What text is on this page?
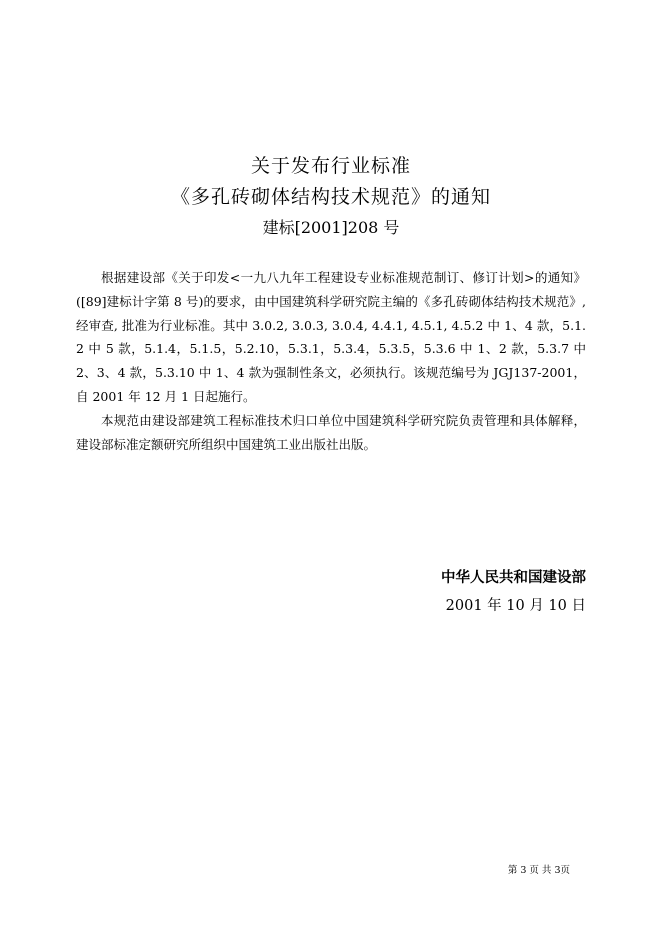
关于发布行业标准
《多孔砖砌体结构技术规范》的通知
建标[2001]208 号

根据建设部《关于印发<一九八九年工程建设专业标准规范制订、修订计划>的通知》([89]建标计字第 8 号)的要求，由中国建筑科学研究院主编的《多孔砖砌体结构技术规范》, 经审查, 批准为行业标准。其中 3.0.2, 3.0.3, 3.0.4, 4.4.1, 4.5.1, 4.5.2 中 1、4 款，5.1.2 中 5 款，5.1.4，5.1.5，5.2.10，5.3.1，5.3.4，5.3.5，5.3.6 中 1、2 款，5.3.7 中 2、3、4 款，5.3.10 中 1、4 款为强制性条文，必须执行。该规范编号为 JGJ137-2001，自 2001 年 12 月 1 日起施行。

本规范由建设部建筑工程标准技术归口单位中国建筑科学研究院负责管理和具体解释，建设部标准定额研究所组织中国建筑工业出版社出版。

中华人民共和国建设部
2001 年 10 月 10 日
第 3 页 共 3页
